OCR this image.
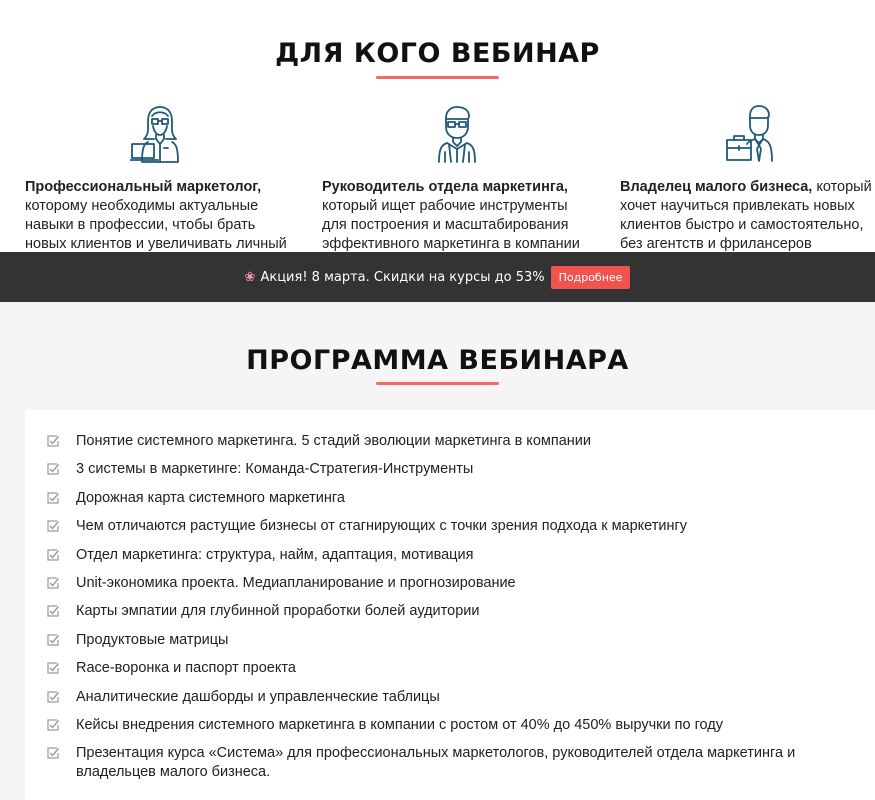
ДЛЯ КОГО ВЕБИНАР

Профессиональный маркетолог, которому необходимы актуальные навыки в профессии, чтобы брать новых клиентов и увеличивать личный

Руководитель отдела маркетинга, который ищет рабочие инструменты для построения и масштабирования эффективного маркетинга в компании

Владелец малого бизнеса, который хочет научиться привлекать новых клиентов быстро и самостоятельно, без агентств и фрилансеров

❀ Акция! 8 марта. Скидки на курсы до 53%	Подробнее
ПРОГРАММА ВЕБИНАРА
Понятие системного маркетинга. 5 стадий эволюции маркетинга в компании
3 системы в маркетинге: Команда-Стратегия-Инструменты
Дорожная карта системного маркетинга
Чем отличаются растущие бизнесы от стагнирующих с точки зрения подхода к маркетингу
Отдел маркетинга: структура, найм, адаптация, мотивация
Unit-экономика проекта. Медиапланирование и прогнозирование
Карты эмпатии для глубинной проработки болей аудитории
Продуктовые матрицы
Race-воронка и паспорт проекта
Аналитические дашборды и управленческие таблицы
Кейсы внедрения системного маркетинга в компании с ростом от 40% до 450% выручки по году
Презентация курса «Система» для профессиональных маркетологов, руководителей отдела маркетинга и владельцев малого бизнеса.
